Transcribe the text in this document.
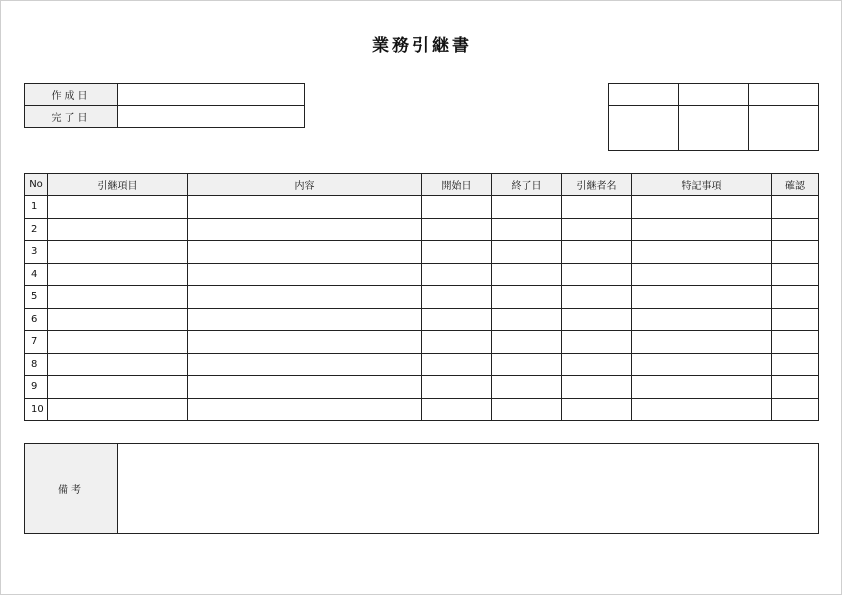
業務引継書
作成日	
完了日	

No	引継項目	内容	開始日	終了日	引継者名	特記事項	確認
1							
2							
3							
4							
5							
6							
7							
8							
9							
10							
備考	
